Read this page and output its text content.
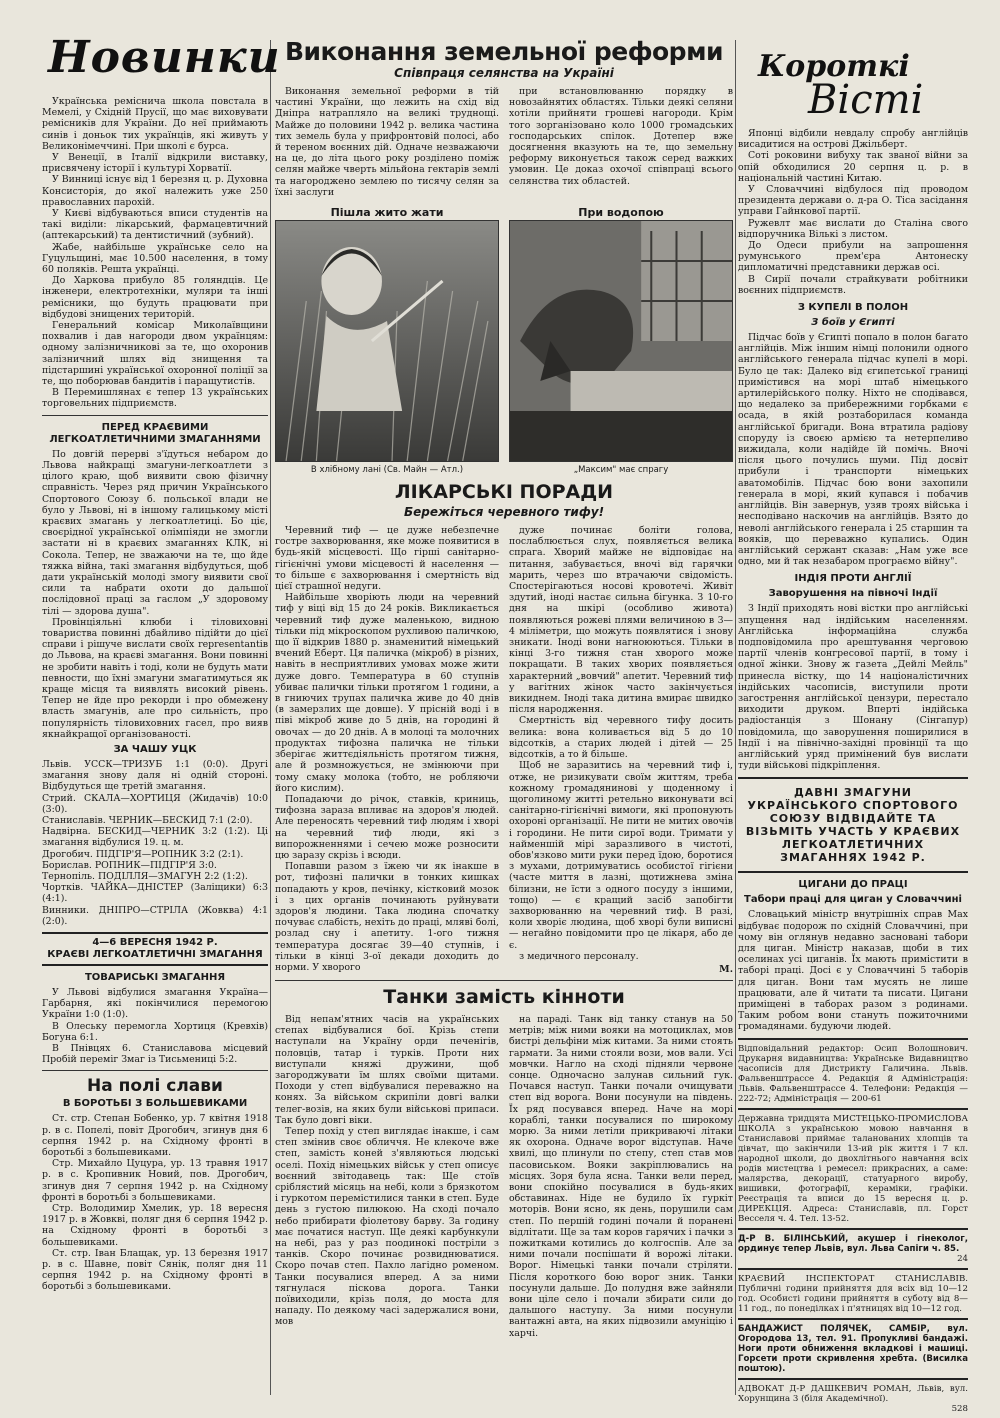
Новинки

Українська ремісничa школа повстала в Мемелі, у Східній Прусії, що має виховувати ремісників для України. До неї приймають синів і доньок тих українців, які живуть у Великонімеччині. При школі є бурса.

У Венеції, в Італії відкрили виставку, присвячену історії і культурі Хорватії.

У Винниці існує від 1 березня ц. р. Духовна Консисторія, до якої належить уже 250 православних парохій.

У Києві відбуваються вписи студентів на такі виділи: лікарський, фармацевтичний (аптекарський) та дентистичний (зубний).

Жабе, найбільше українське село на Гуцульщині, має 10.500 населення, в тому 60 поляків. Решта українці.

До Харкова прибуло 85 голяндців. Це інженери, електротехніки, муляри та інші ремісники, що будуть працювати при відбудові знищених територій.

Генеральний комісар Миколаївщини похвалив і дав нагороди двом українцям: одному залізничникові за те, що охоронив залізничний шлях від знищення та підстаршині української охоронної поліції за те, що поборював бандитів і паращутистів.

В Перемишлянах є тепер 13 українських торговельних підприємств.

ПЕРЕД КРАЄВИМИ ЛЕГКОАТЛЕТИЧНИМИ ЗМАГАННЯМИ

По довгій перерві з'їдуться небаром до Львова найкращі змагуни-легкоатлети з цілого краю, щоб виявити свою фізичну справність. Через ряд причин Українського Спортового Союзу б. польської влади не було у Львові, ні в іншому галицькому місті краєвих змагань у легкоатлетиці. Бо ціє, своєрідної української олімпіяди не змогли застати ні в краєвих змаганнях КЛК, ні Сокола. Тепер, не зважаючи на те, що йде тяжка війна, такі змагання відбудуться, щоб дати українській молоді змогу виявити свої сили та набрати охоти до дальшої послідовної праці за гаслом „У здоровому тілі — здорова душа".

Провінціяльні клюби і тіловиховні товариства повинні дбайливо підійти до цієї справи і рішуче вислати своїх representantів до Львова, на краєві змагання. Вони повинні не зробити навіть і тоді, коли не будуть мати певности, що їхні змагуни змагатимуться як краще місця та виявлять високий рівень. Тепер не йде про рекорди і про обмежену власть змагунів, але про сильність, про популярність тіловиховних гасел, про вияв якнайкращої організованості.

ЗА ЧАШУ УЦК

Львів. УССК—ТРИЗУБ 1:1 (0:0). Другі змагання знову даля ні одній стороні. Відбудуться ще третій змагання.

Стрий. СКАЛА—ХОРТИЦЯ (Жидачів) 10:0 (3:0).

Станиславів. ЧЕРНИК—БЕСКИД 7:1 (2:0).

Надвірна. БЕСКИД—ЧЕРНИК 3:2 (1:2). Ці змагання відбулися 19. ц. м.

Дрогобич. ПІДГІР'Я—РОПНИК 3:2 (2:1).

Борислав. РОПНИК—ПІДГІР'Я 3:0.

Тернопіль. ПОДІЛЛЯ—ЗМАГУН 2:2 (1:2).

Чортків. ЧАЙКА—ДНІСТЕР (Заліщики) 6:3 (4:1).

Винники. ДНІПРО—СТРІЛА (Жовква) 4:1 (2:0).

4—6 ВЕРЕСНЯ 1942 Р.
КРАЄВІ ЛЕГКОАТЛЕТИЧНІ ЗМАГАННЯ
ТОВАРИСЬКІ ЗМАГАННЯ

У Львові відбулися змагання Україна—Гарбарня, які покінчилися перемогою України 1:0 (1:0).

В Олеську перемогла Хортиця (Кревхів) Богуна 6:1.

В Пнівцях 6. Станиславова місцевий Пробій переміг Змаг із Тисьмениці 5:2.

На полі слави
В БОРОТЬБІ З БОЛЬШЕВИКАМИ

Ст. стр. Степан Бобенко, ур. 7 квітня 1918 р. в с. Попелі, повіт Дрогобич, згинув дня 6 серпня 1942 р. на Східному фронті в боротьбі з большевиками.

Стр. Михайло Цуцура, ур. 13 травня 1917 р. в с. Кропивник Новий, пов. Дрогобич, згинув дня 7 серпня 1942 р. на Східному фронті в боротьбі з большевиками.

Стр. Володимир Хмелик, ур. 18 вересня 1917 р. в Жовкві, поляг дня 6 серпня 1942 р. на Східному фронті в боротьбі з большевиками.

Ст. стр. Іван Блащак, ур. 13 березня 1917 р. в с. Шавне, повіт Сянік, поляг дня 11 серпня 1942 р. на Східному фронті в боротьбі з большевиками.

Виконання земельної реформи
Співпраця селянства на Україні

Виконання земельної реформи в тій частині України, що лежить на схід від Дніпра натрапляло на великі труднощі. Майже до половини 1942 р. велика частина тих земель була у прифронтовій полосі, або й тереном воєнних дій. Одначе незважаючи на це, до літа цього року розділено поміж селян майже чверть мільйона гектарів землі та нагороджено землею по тисячу селян за їхні заслуги

при встановлюванню порядку в новозайнятих областях. Тільки деякі селяни хотіли прийняти грошеві нагороди. Крім того зорганізовано коло 1000 громадських господарських спілок. Дотепер вже досягнення вказують на те, що земельну реформу виконується також серед важких умовин. Це доказ охочої співпраці всього селянства тих областей.

Пішла жито жати
В хлібному лані (Св. Майн — Атл.)
При водопою
„Максим" має спрагу
ЛІКАРСЬКІ ПОРАДИ
Бережіться черевного тифу!

Черевний тиф — це дуже небезпечне гостре захворювання, яке може появитися в будь-якій місцевості. Що гірші санітарно-гігієнічні умови місцевості й населення — то більше є захворювання і смертність від цієї страшної недуги.

Найбільше хворіють люди на черевний тиф у віці від 15 до 24 років. Викликається черевний тиф дуже маленькою, видною тільки під мікроскопом рухливою паличкою, що її відкрив 1880 р. знаменитий німецький вчений Еберт. Ця паличка (мікроб) в різних, навіть в несприятливих умовах може жити дуже довго. Температура в 60 ступнів убиває палички тільки протягом 1 години, а в гниючих трупах паличка живе до 40 днів (в замерзлих ще довше). У прісній воді і в піві мікроб живе до 5 днів, на городині й овочах — до 20 днів. А в молоці та молочних продуктах тифозна паличка не тільки зберігає життєдіяльність протягом тижня, але й розмножується, не змінюючи при тому смаку молока (тобто, не робляючи його кислим).

Попадаючи до річок, ставків, криниць, тифозна зараза впливає на здоров'я людей. Але переносять черевний тиф людям і хворі на черевний тиф люди, які з випорожненнями і сечею може розносити цю заразу скрізь і всюди.

Попавши разом з їжею чи як інакше в рот, тифозні палички в тонких кишках попадають у кров, печінку, кістковий мозок і з цих органів починають руйнувати здоров'я людини. Така людина спочатку почуває слабість, нехіть до праці, мляві болі, розлад сну і апетиту. 1-ого тижня температура досягає 39—40 ступнів, і тільки в кінці 3-ої декади доходить до норми. У хворого

дуже починає боліти голова, послаблюється слух, появляється велика спрага. Хворий майже не відповідає на питання, забувається, вночі від гарячки марить, через шо втрачаючи свідомість. Спостерігаються носові кровотечі. Живіт здутий, іноді настає сильна бігунка. З 10-го дня на шкірі (особливо живота) появляються рожеві плями величиною в 3—4 міліметри, що можуть появлятися і знову зникати. Іноді вони нагноюються. Тільки в кінці 3-го тижня стан хворого може покращати. В таких хворих появляється характерний „вовчий" апетит. Черевний тиф у вагітних жінок часто закінчується викиднем. Іноді така дитина вмирає швидко після народження.

Смертність від черевного тифу досить велика: вона коливається від 5 до 10 відсотків, а старих людей і дітей — 25 відсотків, а то й більше.

Щоб не заразитись на черевний тиф і, отже, не ризикувати своїм життям, треба кожному громадянинові у щоденному і щоголиному житті ретельно виконувати всі санітарно-гігієнічні вимоги, які пропонують охороні організації. Не пити не митих овочів і городини. Не пити сирої води. Тримати у найменшій мірі заразливого в чистоті, обов'язково мити руки перед їдою, боротися з мухами, дотримуватись особистої гігієни (часте миття в лазні, щотижнева зміна білизни, не їсти з одного посуду з іншими, тощо) — є кращий засіб запобігти захворюванню на черевний тиф. В разі, коли хворіє людина, щоб хворі були виписні — негайно повідомити про це лікаря, або де є.

з медичного персоналу.

М.
Танки замість кінноти

Від непам'ятних часів на українських степах відбувалися бої. Крізь степи наступали на Україну орди печенігів, половців, татар і турків. Проти них виступали княжі дружини, щоб загороджувати їм шлях своїми щитами. Походи у степ відбувалися переважно на конях. За військом скрипіли довгі валки телег-возів, на яких були військові припаси. Так було довгі віки.

Тепер похід у степ виглядає інакше, і сам степ змінив своє обличчя. Не клекоче вже степ, замість коней з'являються людські оселі. Похід німецьких військ у степ описує воєнний звітодавець так: Ще стоїв сріблястий місяць на небі, коли з брязкотом і гуркотом перемістилися танки в степ. Буде день з густою пилюкою. На сході почало небо прибирати фіолетову барву. За годину має початися наступ. Ще деякі карбункули на небі, раз у раз поодинокі постріли з танків. Скоро починає розвиднюватися. Скоро почав степ. Пахло лагідно ромeном. Танки посувалися вперед. А за ними тягнулася піскова дорога. Танки поївиходили, крізь поля, до моста для нападу. По деякому часі задержалися вони, мов

на параді. Танк від танку станув на 50 метрів; між ними вояки на мотоциклах, мов бистрі дельфіни між китами. За ними стоять гармати. За ними стояли вози, мов вали. Усі мовчки. Нагло на сході підняли червоне сонце. Одночасно залунав сильний гук. Почався наступ. Танки почали очищувати степ від ворога. Вони посунули на південь. Їх ряд посувався вперед. Наче на морі кораблі, танки посувалися по широкому морю. За ними летіли прикриваючі літаки як охорона. Одначе ворог відступав. Наче хвилі, що плинули по степу, степ став мов пасовиськом. Вояки закріплювались на місцях. Зоря була ясна. Танки вели перед, вони спокійно посувалися в будь-яких обставинах. Ніде не будило їх гуркіт моторів. Вони ясно, як день, порушили сам степ. По першій годині почали й поранені відлітати. Ще за там коров гарячих і пачки з пожитками котились до колгоспів. Але за ними почали поспішати й ворожі літаки. Ворог. Німецькі танки почали стріляти. Після короткого бою ворог зник. Танки посунули дальше. До полудня вже зайняли вони ціле село і почали збирати сили до дальшого наступу. За ними посунули вантажні авта, на яких підвозили амуніцію і харчі.

Короткі
Вісті

Японці відбили невдалу спробу англійців висадитися на острові Джільберт.

Соті роковини вибуху так званої війни за опій обходилися 20 серпня ц. р. в національній частині Китаю.

У Словаччині відбулося під проводом президента держави о. д-ра О. Тіса засідання управи Гайнкової партії.

Ружевлт має вислати до Сталіна свого відпоручника Вількі з листом.

До Одеси прибули на запрошення румунського прем'єра Антонеску дипломатичні представники держав осі.

В Сирії почали страйкувати робітники воєнних підприємств.

З КУПЕЛІ В ПОЛОН
З боїв у Єгипті

Підчас боїв у Єгипті попало в полон багато англійців. Між іншим німці полонили одного англійського генерала підчас купелі в морі. Було це так: Далеко від єгипетської границі примістився на морі штаб німецького артилерійського полку. Ніхто не сподівався, що недалеко за прибережними горбками є осада, в якій розтаборилася команда англійської бригади. Вона втратила радіову споруду із своєю армією та нетерпеливо вижидала, коли надійде їй помічь. Вночі після цього почулись шуми. Під досвіт прибули і транспорти німецьких аватомобілів. Підчас бою вони захопили генерала в морі, який купався і побачив англійців. Він завернув, узяв троях війська і несподівано наскочив на англійців. Взято до неволі англійського генерала і 25 старшин та вояків, що переважно купались. Один англійський сержант сказав: „Нам уже все одно, ми й так незабаром програємо війну".

ІНДІЯ ПРОТИ АНГЛІЇ
Заворушення на півночі Індії

З Індії приходять нові вістки про англійські зпущення над індійським населенням. Англійська інформаційна служба подповідомила про арештування черговою партії членів конгресової партії, в тому і одної жінки. Знову ж газета „Дейлі Мейль" принесла вістку, що 14 націоналістичних індійських часописів, виступили проти загострення англійської цензури, перестало виходити друком. Вперті індійська радіостанція з Шонану (Сінгапур) повідомила, що заворушення поширилися в Індії і на північно-західні провінції та що англійський уряд примінений був вислати туди військові підкріплення.

ДАВНІ ЗМАГУНИ УКРАЇНСЬКОГО СПОРТОВОГО СОЮЗУ ВІДВІДАЙТЕ ТА ВІЗЬМІТЬ УЧАСТЬ У КРАЄВИХ ЛЕГКОАТЛЕТИЧНИХ ЗМАГАННЯХ 1942 Р.
ЦИГАНИ ДО ПРАЦІ
Табори праці для циган у Словаччині

Словацький міністр внутрішніх справ Мах відбуває подорож по східній Словаччині, при чому він оглянув недавно засновані табори для циган. Міністр наказав, щоби в тих оселинах усі циганів. Їх мають примістити в таборі праці. Досі є у Словаччині 5 таборів для циган. Вони там мусять не лише працювати, але й читати та писати. Цигани приміщені в таборах разом з родинами. Таким робом вони стануть пожиточними громадянами. будуючи людей.

Відповідальний редактор: Осип Волошнович. Друкарня видавництва: Українське Видавництво часописів для Дистрикту Галичина. Львів. Фальвенштрассе 4. Редакція й Адміністрація: Львів. Фальвенштрассе 4. Телефони: Редакція — 222-72; Адміністрація — 200-61

Державна тридцята МИСТЕЦЬКО-ПРОМИСЛОВА ШКОЛА з українською мовою навчання в Станиславові приймає таланованих хлопців та дівчат, що закінчили 13-ий рік життя і 7 кл. народної школи, до двохлітнього навчання всіх родів мистецтва і ремесел: прикрасних, а саме: малярства, декорації, статуарного виробу, вишивки, фотографії, кераміки, графіки. Реєстрація та вписи до 15 вересня ц. р. ДИРЕКЦІЯ. Адреса: Станиславів, пл. Горст Весселя ч. 4. Тел. 13-52.

Д-Р В. БІЛІНСЬКИЙ, акушер і гінеколог, ординує тепер Львів, вул. Льва Сапіги ч. 85.

24

КРАЄВИЙ ІНСПЕКТОРАТ СТАНИСЛАВІВ. Публичні години прийняття для всіх від 10—12 год. Особисті години прийняття в суботу від 8—11 год., по понеділках і п'ятницях від 10—12 год.

БАНДАЖИСТ ПОЛЯЧЕК, САМБІР, вул. Огородова 13, тел. 91. Пропукливі бандажі. Ноги проти обниження вкладкові і машиці. Горсети проти скривлення хребта. (Висилка поштою).

АДВОКАТ Д-Р ДАШКЕВИЧ РОМАН, Львів, вул. Хорунщина 3 (біля Академічної).

528
